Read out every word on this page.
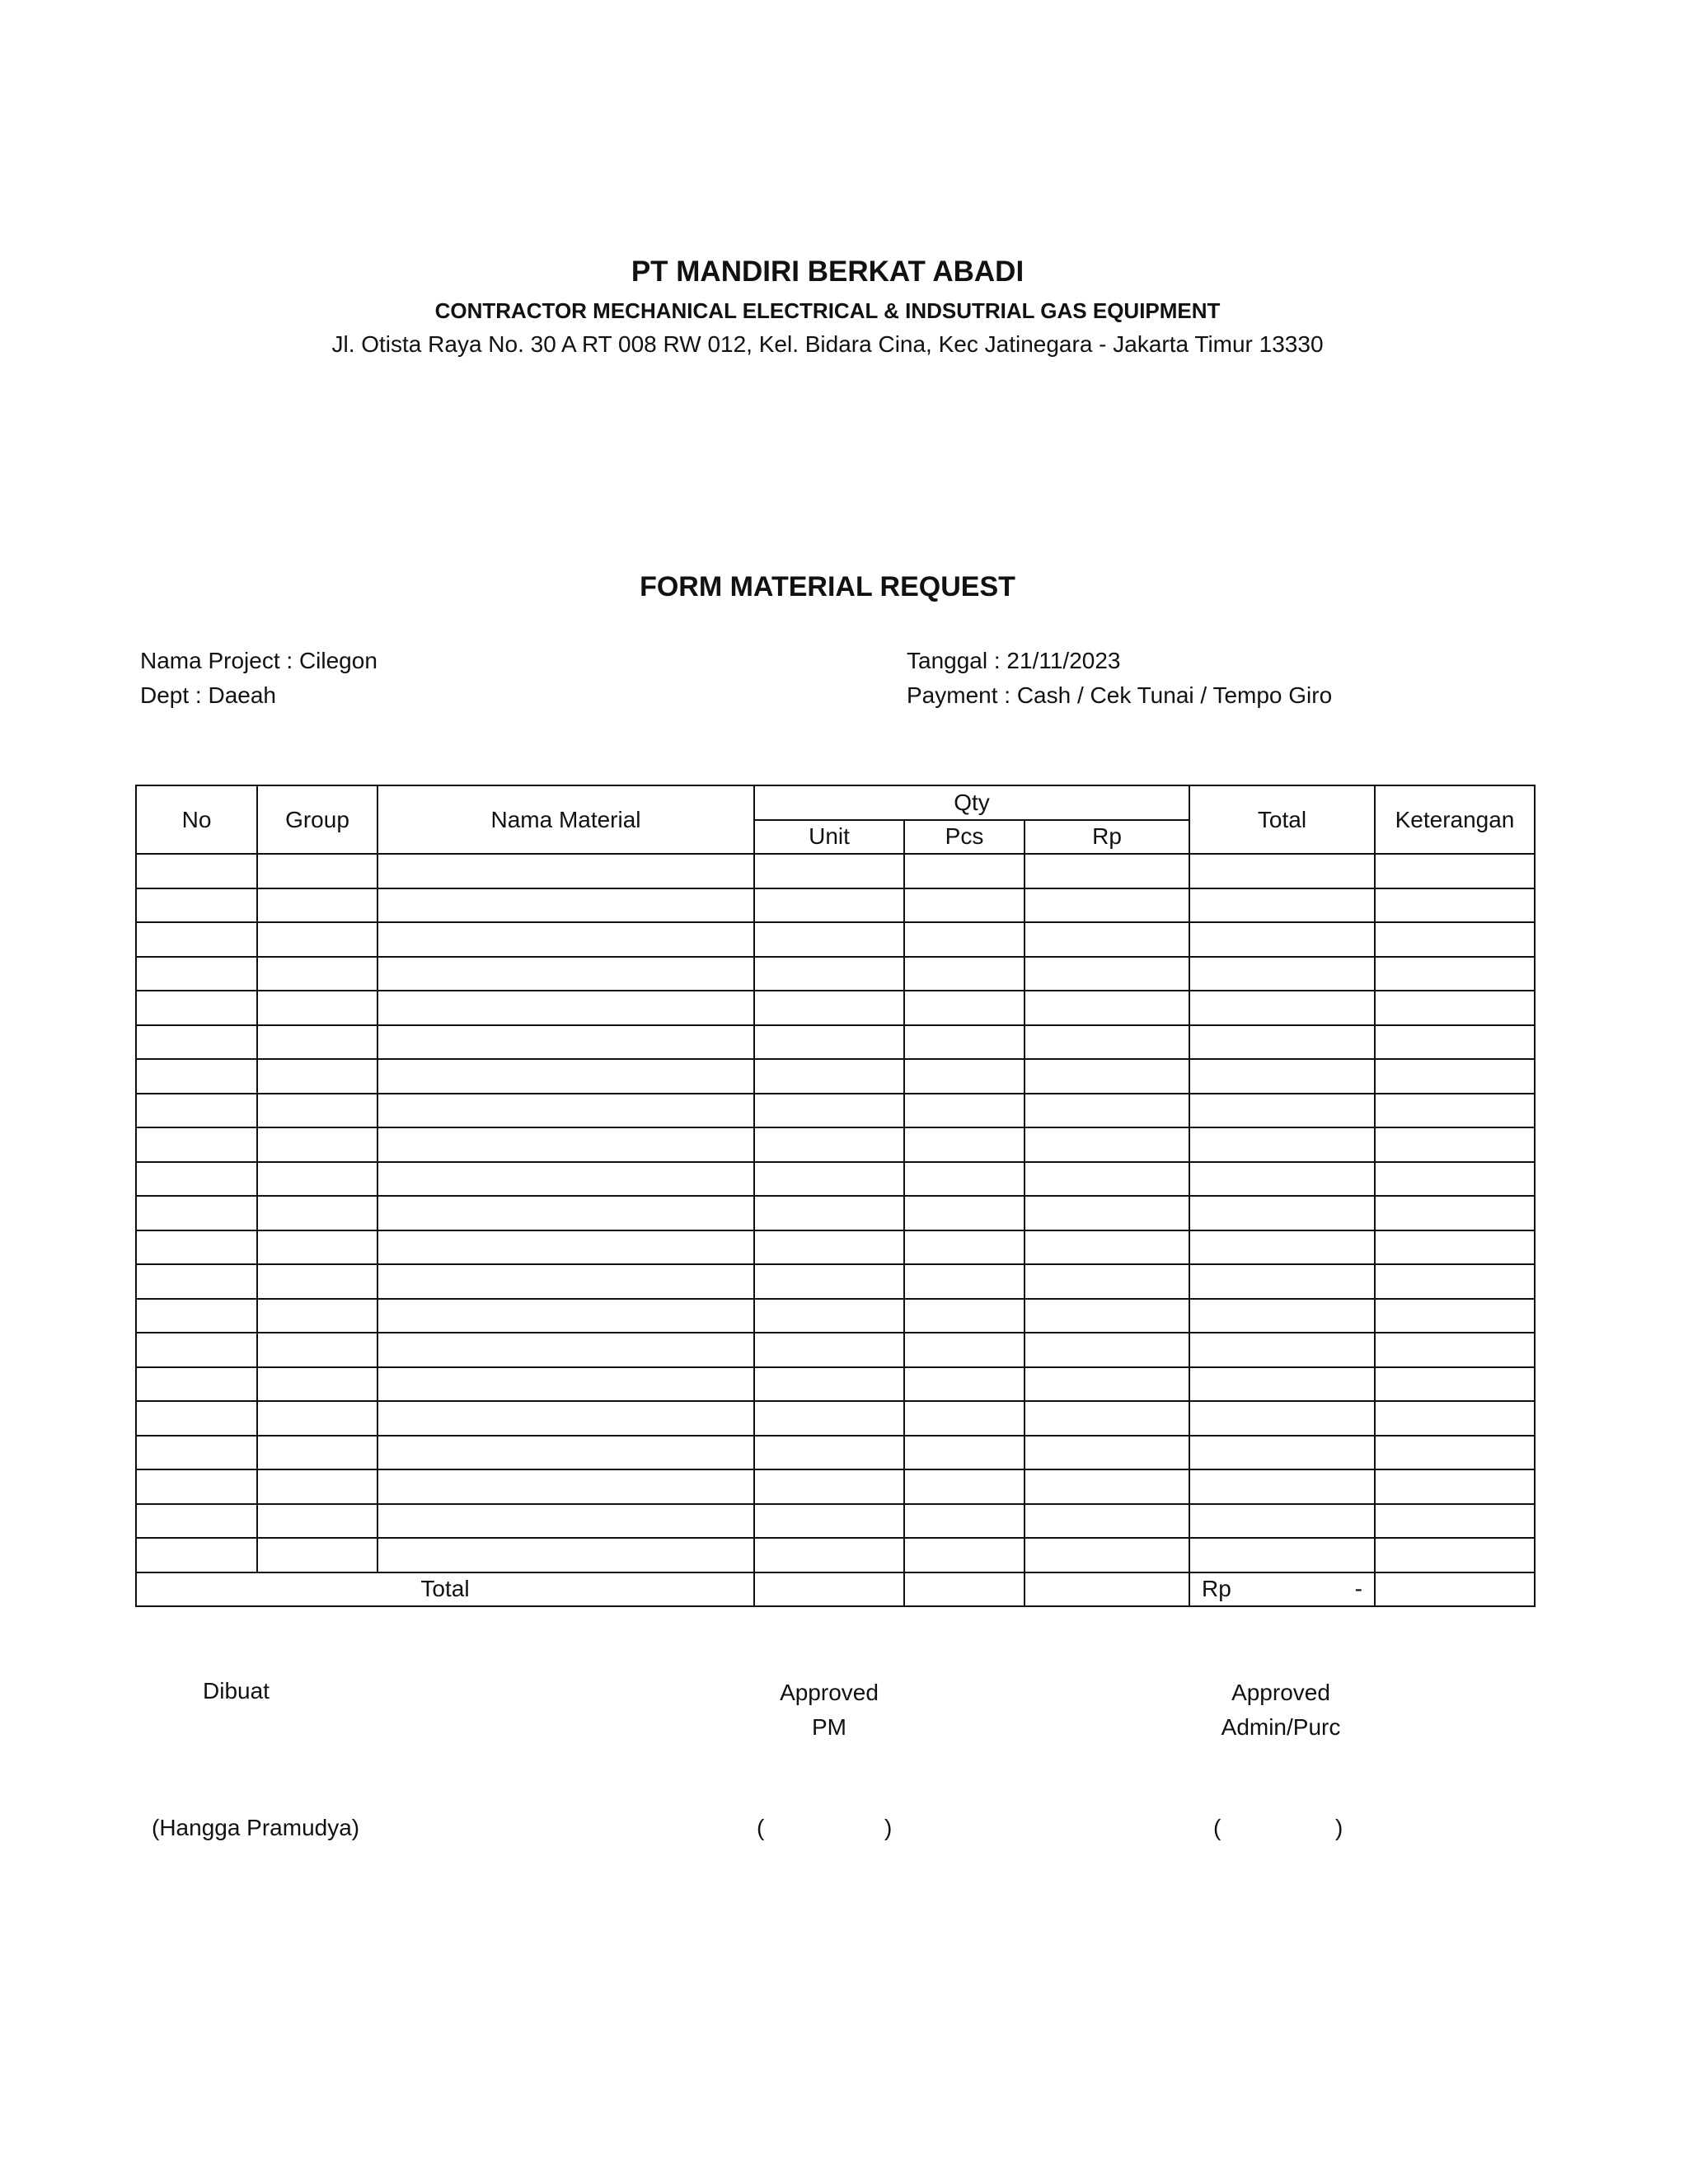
PT MANDIRI BERKAT ABADI
CONTRACTOR MECHANICAL ELECTRICAL & INDSUTRIAL GAS EQUIPMENT
Jl. Otista Raya No. 30 A RT 008 RW 012, Kel. Bidara Cina, Kec Jatinegara - Jakarta Timur 13330
FORM MATERIAL REQUEST
Nama Project : Cilegon
Dept : Daeah
Tanggal : 21/11/2023
Payment : Cash / Cek Tunai / Tempo Giro
No	Group	Nama Material	Qty			Total	Keterangan
			Unit	Pcs	Rp		

Total						Rp -	

Dibuat	Approved
PM
Approved
Admin/Purc
(Hangga Pramudya)	(	)	(	)
